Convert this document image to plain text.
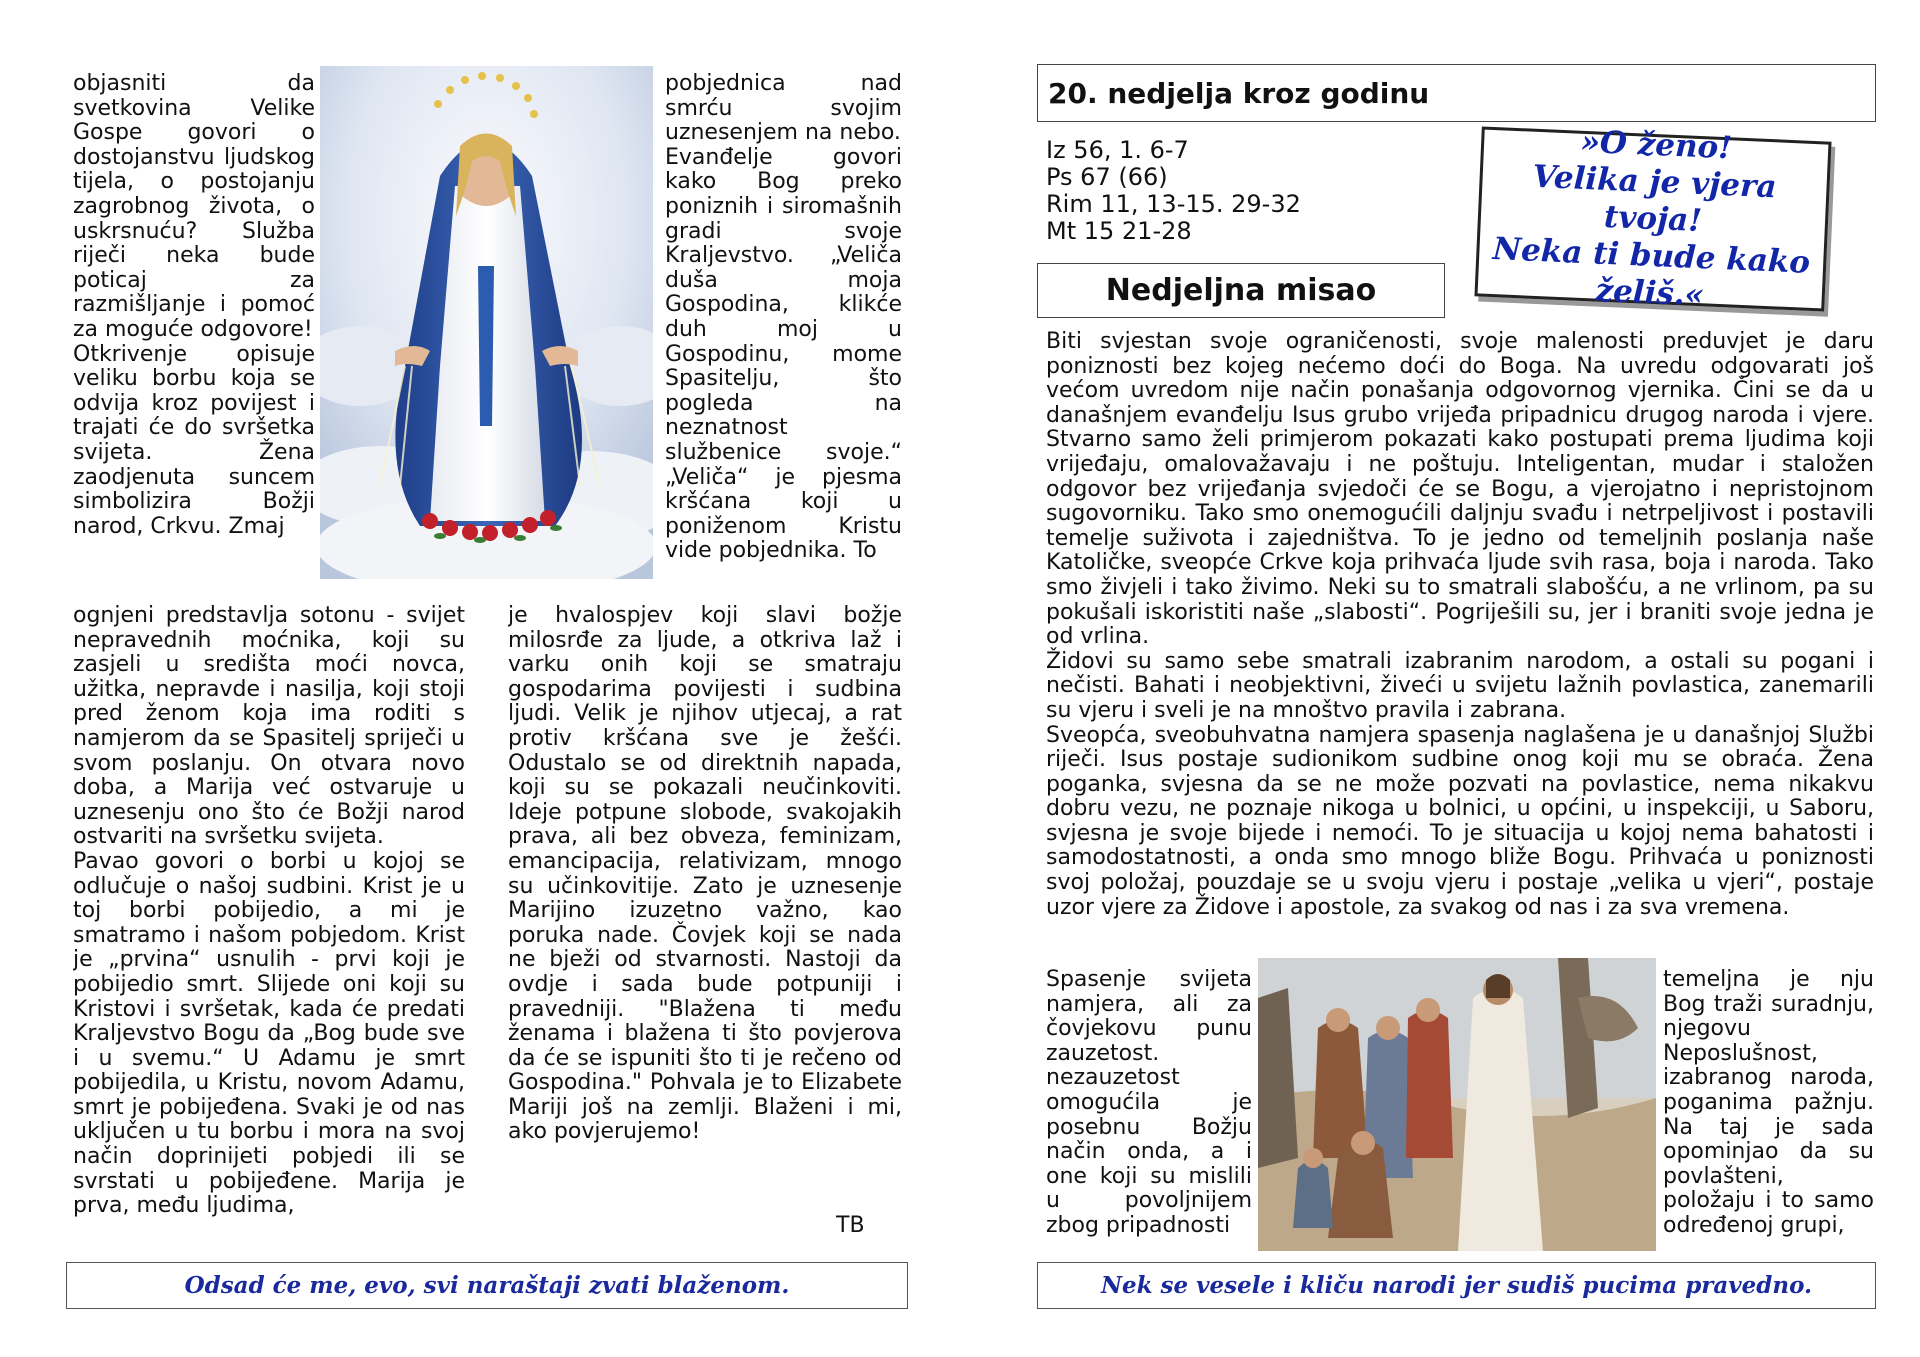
objasniti da svetkovina Velike Gospe govori o dostojanstvu ljudskog tijela, o postojanju zagrobnog života, o uskrsnuću? Služba riječi neka bude poticaj za razmišljanje i pomoć za moguće odgovore!
Otkrivenje opisuje veliku borbu koja se odvija kroz povijest i trajati će do svršetka svijeta. Žena zaodjenuta suncem simbolizira Božji narod, Crkvu. Zmaj
pobjednica nad smrću svojim uznesenjem na nebo.
Evanđelje govori kako Bog preko poniznih i siromašnih gradi svoje Kraljevstvo. „Veliča duša moja Gospodina, klikće duh moj u Gospodinu, mome Spasitelju, što pogleda na neznatnost službenice svoje.“ „Veliča“ je pjesma kršćana koji u poniženom Kristu vide pobjednika. To
ognjeni predstavlja sotonu - svijet nepravednih moćnika, koji su zasjeli u središta moći novca, užitka, nepravde i nasilja, koji stoji pred ženom koja ima roditi s namjerom da se Spasitelj spriječi u svom poslanju. On otvara novo doba, a Marija već ostvaruje u uznesenju ono što će Božji narod ostvariti na svršetku svijeta.
Pavao govori o borbi u kojoj se odlučuje o našoj sudbini. Krist je u toj borbi pobijedio, a mi je smatramo i našom pobjedom. Krist je „prvina“ usnulih - prvi koji je pobijedio smrt. Slijede oni koji su Kristovi i svršetak, kada će predati Kraljevstvo Bogu da „Bog bude sve i u svemu.“ U Adamu je smrt pobijedila, u Kristu, novom Adamu, smrt je pobijeđena. Svaki je od nas uključen u tu borbu i mora na svoj način doprinijeti pobjedi ili se svrstati u pobijeđene. Marija je prva, među ljudima,
je hvalospjev koji slavi božje milosrđe za ljude, a otkriva laž i varku onih koji se smatraju gospodarima povijesti i sudbina ljudi. Velik je njihov utjecaj, a rat protiv kršćana sve je žešći. Odustalo se od direktnih napada, koji su se pokazali neučinkoviti. Ideje potpune slobode, svakojakih prava, ali bez obveza, feminizam, emancipacija, relativizam, mnogo su učinkovitije. Zato je uznesenje Marijino izuzetno važno, kao poruka nade. Čovjek koji se nada ne bježi od stvarnosti. Nastoji da ovdje i sada bude potpuniji i pravedniji. "Blažena ti među ženama i blažena ti što povjerova da će se ispuniti što ti je rečeno od Gospodina." Pohvala je to Elizabete Mariji još na zemlji. Blaženi i mi, ako povjerujemo!
TB
Odsad će me, evo, svi naraštaji zvati blaženom.
20. nedjelja kroz godinu
Iz 56, 1. 6-7
Ps 67 (66)
Rim 11, 13-15. 29-32
Mt 15 21-28
Nedjeljna misao
»O ženo!
Velika je vjera tvoja!
Neka ti bude kako
želiš.«
Biti svjestan svoje ograničenosti, svoje malenosti preduvjet je daru poniznosti bez kojeg nećemo doći do Boga. Na uvredu odgovarati još većom uvredom nije način ponašanja odgovornog vjernika. Čini se da u današnjem evanđelju Isus grubo vrijeđa pripadnicu drugog naroda i vjere. Stvarno samo želi primjerom pokazati kako postupati prema ljudima koji vrijeđaju, omalovažavaju i ne poštuju. Inteligentan, mudar i staložen odgovor bez vrijeđanja svjedoči će se Bogu, a vjerojatno i nepristojnom sugovorniku. Tako smo onemogućili daljnju svađu i netrpeljivost i postavili temelje suživota i zajedništva. To je jedno od temeljnih poslanja naše Katoličke, sveopće Crkve koja prihvaća ljude svih rasa, boja i naroda. Tako smo živjeli i tako živimo. Neki su to smatrali slabošću, a ne vrlinom, pa su pokušali iskoristiti naše „slabosti“. Pogriješili su, jer i braniti svoje jedna je od vrlina.
Židovi su samo sebe smatrali izabranim narodom, a ostali su pogani i nečisti. Bahati i neobjektivni, živeći u svijetu lažnih povlastica, zanemarili su vjeru i sveli je na mnoštvo pravila i zabrana.
Sveopća, sveobuhvatna namjera spasenja naglašena je u današnjoj Službi riječi. Isus postaje sudionikom sudbine onog koji mu se obraća. Žena poganka, svjesna da se ne može pozvati na povlastice, nema nikakvu dobru vezu, ne poznaje nikoga u bolnici, u općini, u inspekciji, u Saboru, svjesna je svoje bijede i nemoći. To je situacija u kojoj nema bahatosti i samodostatnosti, a onda smo mnogo bliže Bogu. Prihvaća u poniznosti svoj položaj, pouzdaje se u svoju vjeru i postaje „velika u vjeri“, postaje uzor vjere za Židove i apostole, za svakog od nas i za sva vremena.
Spasenje svijeta namjera, ali za čovjekovu punu zauzetost. nezauzetost omogućila je posebnu Božju način onda, a i one koji su mislili u povoljnijem zbog pripadnosti
temeljna je nju Bog traži suradnju, njegovu Neposlušnost, izabranog naroda, poganima pažnju. Na taj je sada opominjao da su povlašteni, položaju i to samo određenoj grupi,
Nek se vesele i kliču narodi jer sudiš pucima pravedno.
